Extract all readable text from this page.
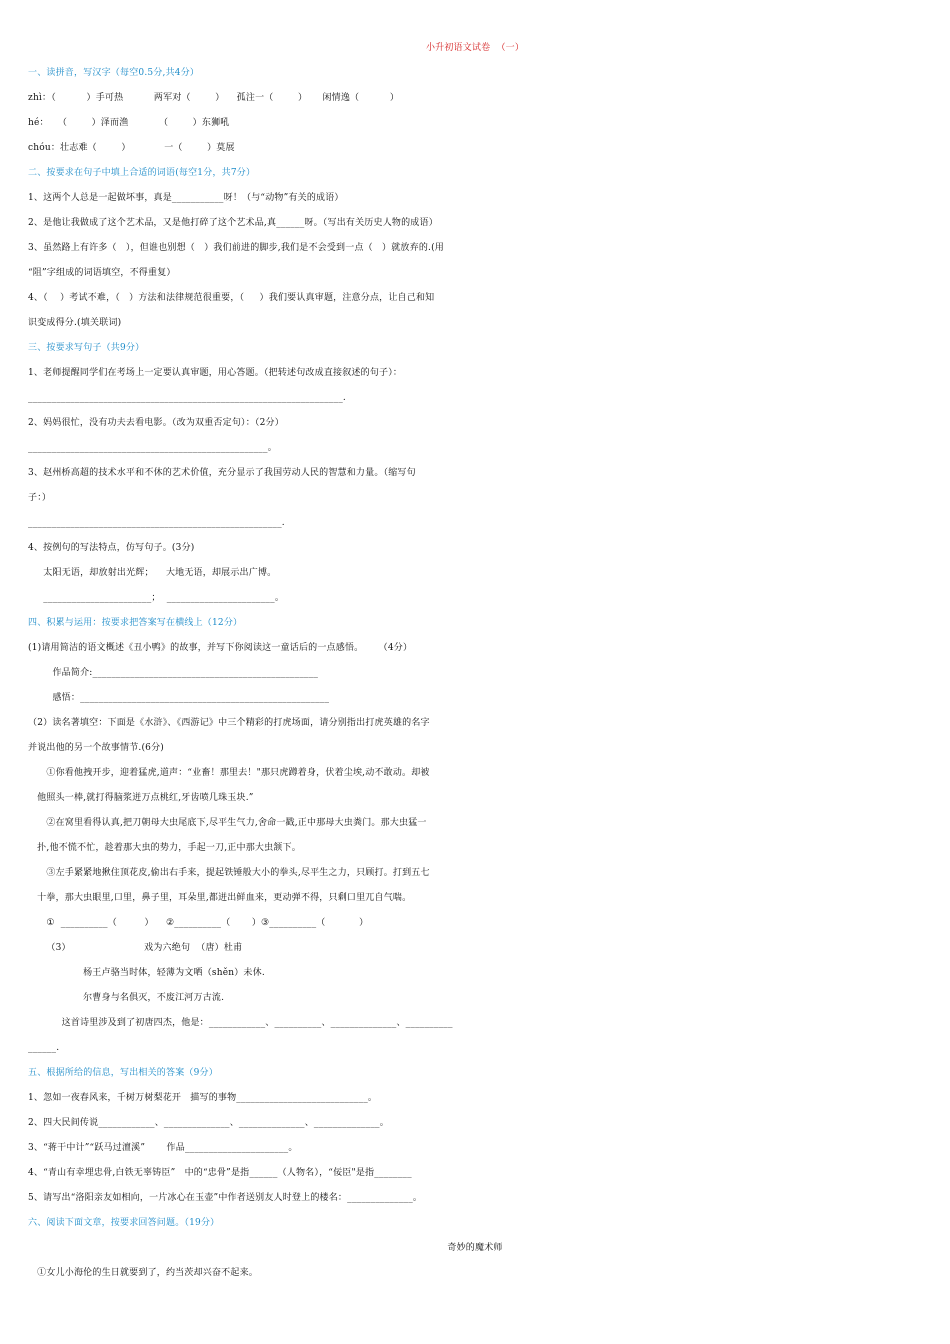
小升初语文试卷  （一）
一、读拼音，写汉字（每空0.5分,共4分）
zhì：（          ）手可热          两军对（        ）    孤注一（        ）     闲情逸（          ）
hé：   （        ）泽而渔          （        ）东狮吼
chóu：壮志难（        ）           一（        ）莫展
二、按要求在句子中填上合适的词语(每空1分，共7分）
1、这两个人总是一起做坏事，真是___________呀！（与“动物”有关的成语）
2、是他让我做成了这个艺术品，又是他打碎了这个艺术品,真______呀。（写出有关历史人物的成语）
3、虽然路上有许多（   ），但谁也别想（   ）我们前进的脚步,我们是不会受到一点（   ）就放弃的.(用
“阻”字组成的词语填空，不得重复）
4、（    ）考试不难，（   ）方法和法律规范很重要，（     ）我们要认真审题，注意分点，让自己和知
识变成得分.(填关联词)
三、按要求写句子（共9分）
1、老师提醒同学们在考场上一定要认真审题，用心答题。（把转述句改成直接叙述的句子）：
___________________________________________________________________.
2、妈妈很忙，没有功夫去看电影。（改为双重否定句）：（2分）
___________________________________________________。
3、赵州桥高超的技术水平和不休的艺术价值，充分显示了我国劳动人民的智慧和力量。（缩写句
子：）
______________________________________________________.
4、按例句的写法特点，仿写句子。(3分)
太阳无语，却放射出光辉；    大地无语，却展示出广博。
_______________________；  _______________________。
四、积累与运用：按要求把答案写在横线上（12分）
(1)请用简洁的语文概述《丑小鸭》的故事，并写下你阅读这一童话后的一点感悟。     （4分）
作品简介:________________________________________________
感悟：_____________________________________________________
（2）读名著填空：下面是《水浒》、《西游记》中三个精彩的打虎场面，请分别指出打虎英雄的名字
并说出他的另一个故事情节.(6分)
①你看他拽开步，迎着猛虎,道声：“业畜！那里去！"那只虎蹲着身，伏着尘埃,动不敢动。却被
他照头一棒,就打得脑浆迸万点桃红,牙齿喷几珠玉块.”
②在窝里看得认真,把刀朝母大虫尾底下,尽平生气力,舍命一戳,正中那母大虫粪门。那大虫猛一
扑,他不慌不忙，趁着那大虫的势力，手起一刀,正中那大虫颔下。
③左手紧紧地揪住顶花皮,偷出右手来，提起铁锤般大小的拳头,尽平生之力，只顾打。打到五七
十拳，那大虫眼里,口里，鼻子里，耳朵里,都迸出鲜血来，更动弹不得，只剩口里兀自气喘。
①  __________（         ）    ②__________（       ）③__________（           ）
（3）                        戏为六绝句  （唐）杜甫
杨王卢骆当时体，轻薄为文哂（shěn）未休.
尔曹身与名俱灭，不废江河万古流.
这首诗里涉及到了初唐四杰，他是：____________、__________、______________、__________
______.
五、根据所给的信息，写出相关的答案（9分）
1、忽如一夜春风来，千树万树梨花开   描写的事物____________________________。
2、四大民间传说____________、______________、______________、______________。
3、“蒋干中计”“跃马过澶溪”       作品______________________。
4、“青山有幸埋忠骨,白铁无辜铸臣”   中的“忠骨”是指______（人物名），“佞臣"是指________
5、请写出“洛阳亲友如相向，一片冰心在玉壶”中作者送别友人时登上的楼名：______________。
六、阅读下面文章，按要求回答问题。（19分）
奇妙的魔术师
①女儿小海伦的生日就要到了，约当茨却兴奋不起来。
